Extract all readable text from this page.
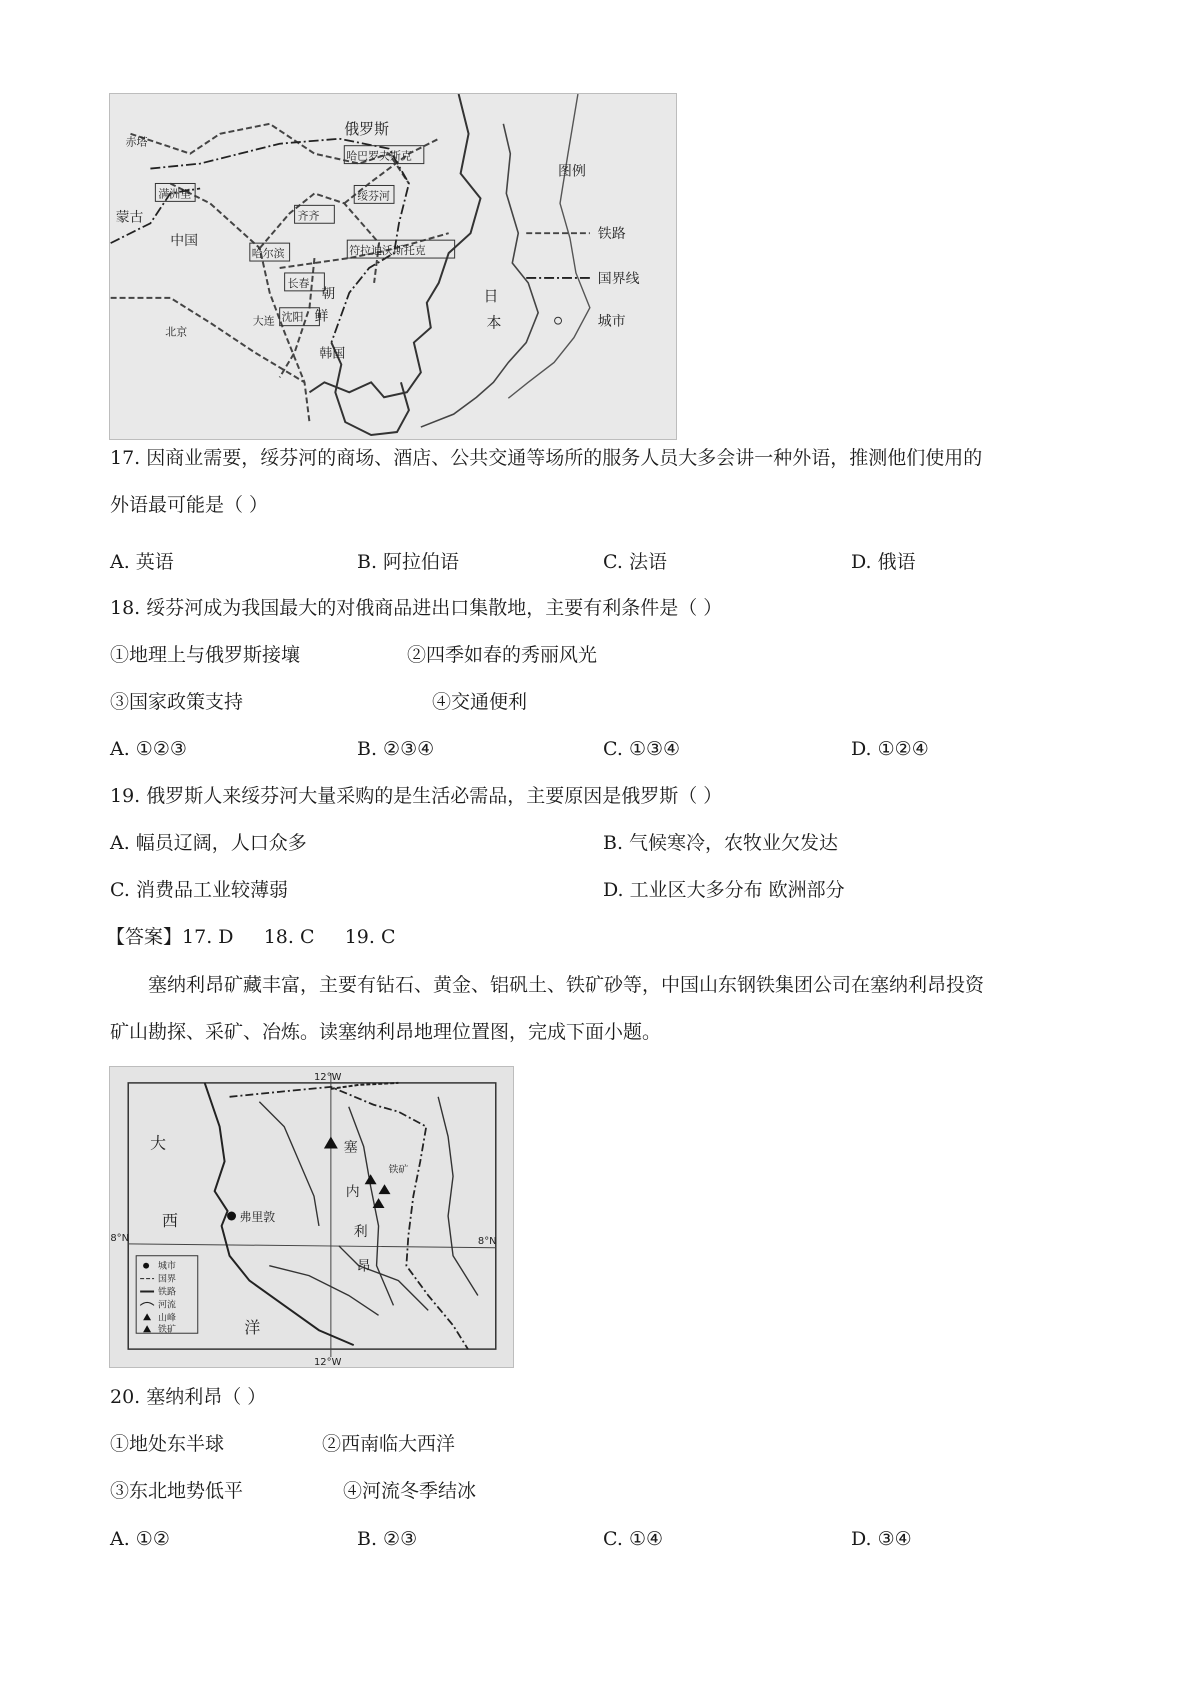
俄罗斯
蒙古
中国
日
本
朝
鲜
韩国
北京
大连 沈阳
长春
哈尔滨
齐齐
绥芬河
符拉迪沃斯托克
哈巴罗夫斯克
满洲里
赤塔
图例
铁路
国界线
城市
17. 因商业需要，绥芬河的商场、酒店、公共交通等场所的服务人员大多会讲一种外语，推测他们使用的
外语最可能是（ ）
A. 英语	B. 阿拉伯语	C. 法语	D. 俄语
18. 绥芬河成为我国最大的对俄商品进出口集散地，主要有利条件是（ ）
①地理上与俄罗斯接壤	②四季如春的秀丽风光
③国家政策支持	④交通便利
A. ①②③	B. ②③④	C. ①③④	D. ①②④
19. 俄罗斯人来绥芬河大量采购的是生活必需品，主要原因是俄罗斯（ ）
A. 幅员辽阔，人口众多	B. 气候寒冷，农牧业欠发达
C. 消费品工业较薄弱	D. 工业区大多分布 欧洲部分
【答案】17. D     18. C     19. C
塞纳利昂矿藏丰富，主要有钻石、黄金、铝矾土、铁矿砂等，中国山东钢铁集团公司在塞纳利昂投资
矿山勘探、采矿、冶炼。读塞纳利昂地理位置图，完成下面小题。
12°W
12°W
8°N	8°N
大
西
洋
塞
内
利
昂
弗里敦
铁矿
城市
国界
铁路
河流
山峰
铁矿
20. 塞纳利昂（ ）
①地处东半球	②西南临大西洋
③东北地势低平	④河流冬季结冰
A. ①②	B. ②③	C. ①④	D. ③④
